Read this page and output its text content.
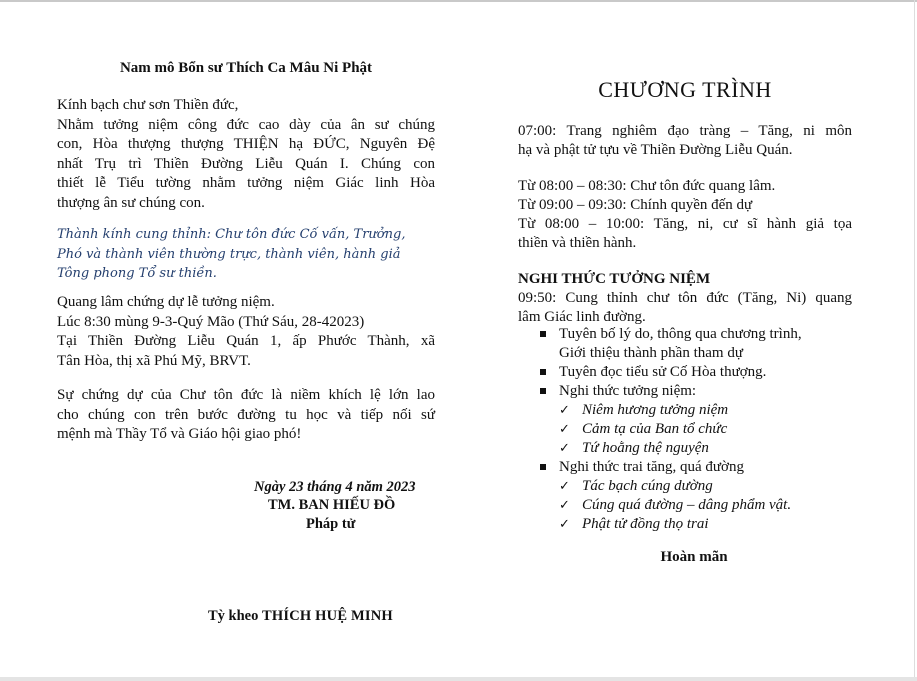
Nam mô Bổn sư Thích Ca Mâu Ni Phật
Kính bạch chư sơn Thiền đức,
Nhằm tưởng niệm công đức cao dày của ân sư chúng
con, Hòa thượng thượng THIỆN hạ ĐỨC, Nguyên Đệ
nhất Trụ trì Thiền Đường Liễu Quán I. Chúng con
thiết lễ Tiểu tường nhằm tưởng niệm Giác linh Hòa
thượng ân sư chúng con.
Thành kính cung thỉnh: Chư tôn đức Cố vấn, Trưởng,
Phó và thành viên thường trực, thành viên, hành giả
Tông phong Tổ sư thiền.
Quang lâm chứng dự lễ tưởng niệm.
Lúc 8:30 mùng 9-3-Quý Mão (Thứ Sáu, 28-42023)
Tại Thiền Đường Liễu Quán 1, ấp Phước Thành, xã
Tân Hòa, thị xã Phú Mỹ, BRVT.
Sự chứng dự của Chư tôn đức là niềm khích lệ lớn lao
cho chúng con trên bước đường tu học và tiếp nối sứ
mệnh mà Thầy Tổ và Giáo hội giao phó!
Ngày 23 tháng 4 năm 2023
TM. BAN HIẾU ĐỒ
Pháp tử
Tỳ kheo THÍCH HUỆ MINH
CHƯƠNG TRÌNH
07:00: Trang nghiêm đạo tràng – Tăng, ni môn
hạ và phật tử tựu về Thiền Đường Liễu Quán.
Từ 08:00 – 08:30: Chư tôn đức quang lâm.
Từ 09:00 – 09:30: Chính quyền đến dự
Từ 08:00 – 10:00: Tăng, ni, cư sĩ hành giả tọa
thiền và thiền hành.
NGHI THỨC TƯỞNG NIỆM
09:50: Cung thỉnh chư tôn đức (Tăng, Ni) quang
lâm Giác linh đường.
Tuyên bố lý do, thông qua chương trình,
Giới thiệu thành phần tham dự
Tuyên đọc tiểu sử Cố Hòa thượng.
Nghi thức tưởng niệm:
✓ Niêm hương tưởng niệm
✓ Cảm tạ của Ban tổ chức
✓ Tứ hoằng thệ nguyện
Nghi thức trai tăng, quá đường
✓ Tác bạch cúng dường
✓ Cúng quá đường – dâng phẩm vật.
✓ Phật tử đồng thọ trai
Hoàn mãn
